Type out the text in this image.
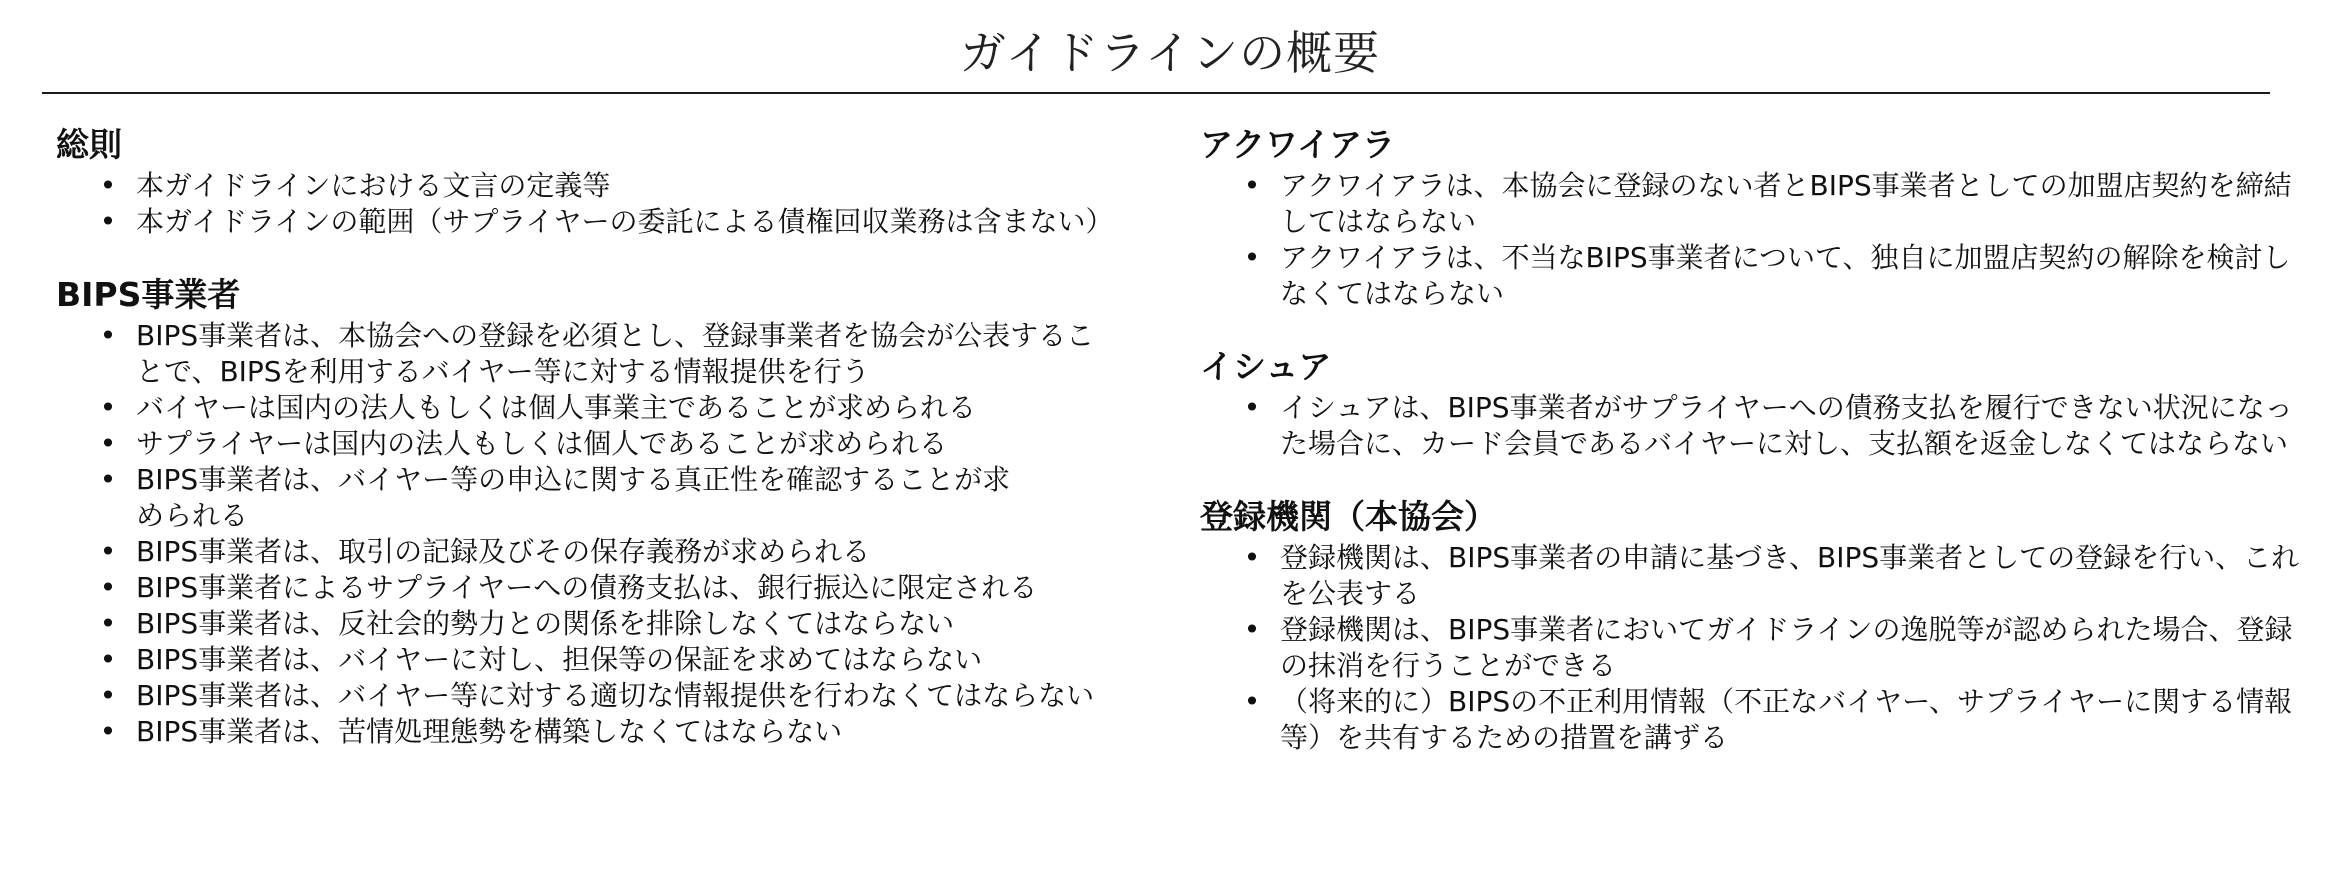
ガイドラインの概要
総則
• 本ガイドラインにおける文言の定義等
• 本ガイドラインの範囲（サプライヤーの委託による債権回収業務は含まない）
BIPS事業者
• BIPS事業者は、本協会への登録を必須とし、登録事業者を協会が公表することで、BIPSを利用するバイヤー等に対する情報提供を行う
• バイヤーは国内の法人もしくは個人事業主であることが求められる
• サプライヤーは国内の法人もしくは個人であることが求められる
• BIPS事業者は、バイヤー等の申込に関する真正性を確認することが求められる
• BIPS事業者は、取引の記録及びその保存義務が求められる
• BIPS事業者によるサプライヤーへの債務支払は、銀行振込に限定される
• BIPS事業者は、反社会的勢力との関係を排除しなくてはならない
• BIPS事業者は、バイヤーに対し、担保等の保証を求めてはならない
• BIPS事業者は、バイヤー等に対する適切な情報提供を行わなくてはならない
• BIPS事業者は、苦情処理態勢を構築しなくてはならない
アクワイアラ
• アクワイアラは、本協会に登録のない者とBIPS事業者としての加盟店契約を締結してはならない
• アクワイアラは、不当なBIPS事業者について、独自に加盟店契約の解除を検討しなくてはならない
イシュア
• イシュアは、BIPS事業者がサプライヤーへの債務支払を履行できない状況になった場合に、カード会員であるバイヤーに対し、支払額を返金しなくてはならない
登録機関（本協会）
• 登録機関は、BIPS事業者の申請に基づき、BIPS事業者としての登録を行い、これを公表する
• 登録機関は、BIPS事業者においてガイドラインの逸脱等が認められた場合、登録の抹消を行うことができる
• （将来的に）BIPSの不正利用情報（不正なバイヤー、サプライヤーに関する情報等）を共有するための措置を講ずる
